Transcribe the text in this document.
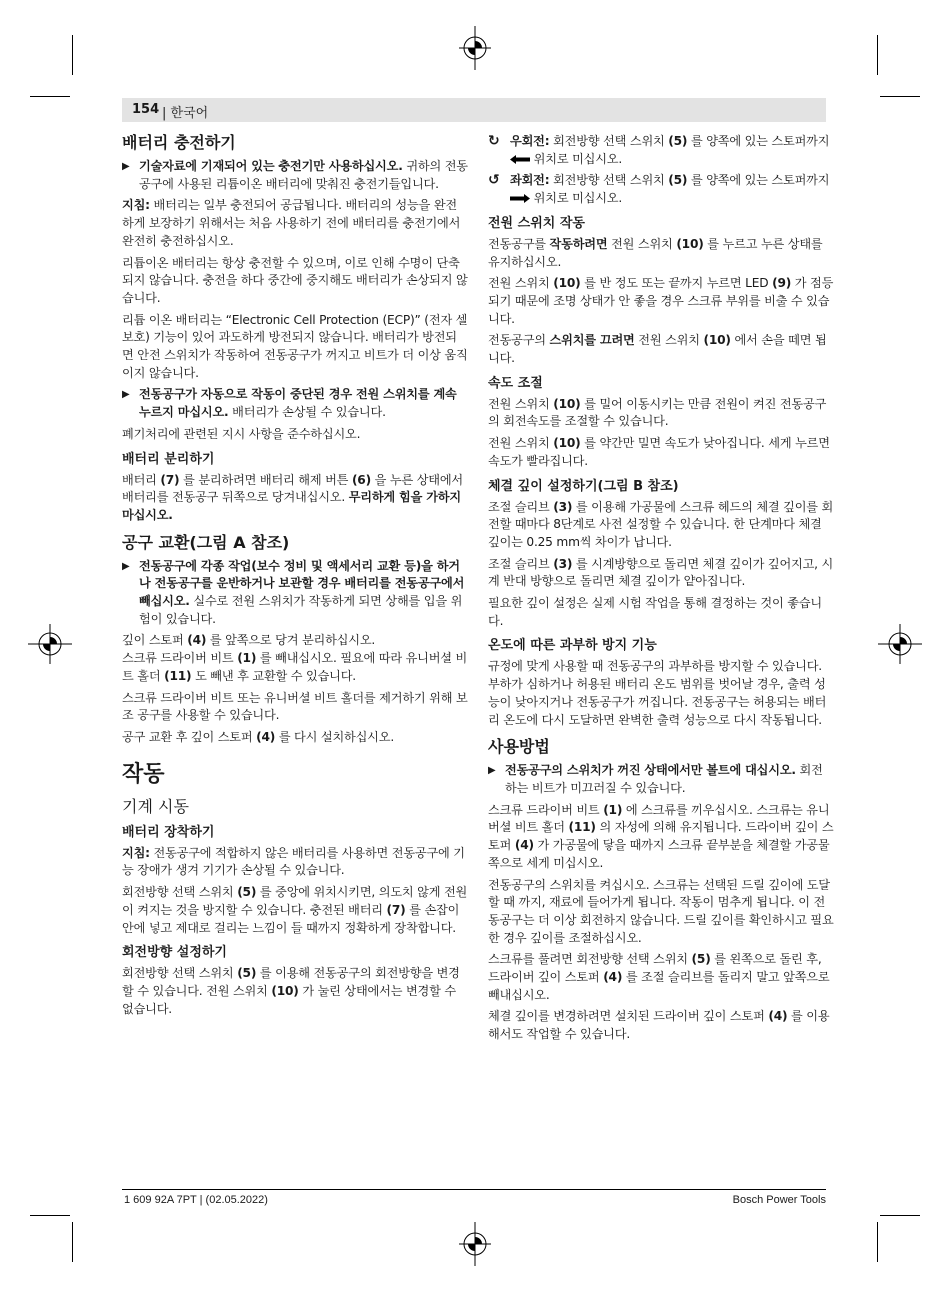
154 | 한국어
배터리 충전하기

▶ 기술자료에 기재되어 있는 충전기만 사용하십시오. 귀하의 전동공구에 사용된 리튬이온 배터리에 맞춰진 충전기들입니다.

지침: 배터리는 일부 충전되어 공급됩니다. 배터리의 성능을 완전하게 보장하기 위해서는 처음 사용하기 전에 배터리를 충전기에서 완전히 충전하십시오.

리튬이온 배터리는 항상 충전할 수 있으며, 이로 인해 수명이 단축되지 않습니다. 충전을 하다 중간에 중지해도 배터리가 손상되지 않습니다.

리튬 이온 배터리는 “Electronic Cell Protection (ECP)” (전자 셀 보호) 기능이 있어 과도하게 방전되지 않습니다. 배터리가 방전되면 안전 스위치가 작동하여 전동공구가 꺼지고 비트가 더 이상 움직이지 않습니다.

▶ 전동공구가 자동으로 작동이 중단된 경우 전원 스위치를 계속 누르지 마십시오. 배터리가 손상될 수 있습니다.

폐기처리에 관련된 지시 사항을 준수하십시오.

배터리 분리하기

배터리 (7) 를 분리하려면 배터리 해제 버튼 (6) 을 누른 상태에서 배터리를 전동공구 뒤쪽으로 당겨내십시오. 무리하게 힘을 가하지 마십시오.

공구 교환(그림 A 참조)

▶ 전동공구에 각종 작업(보수 정비 및 액세서리 교환 등)을 하거나 전동공구를 운반하거나 보관할 경우 배터리를 전동공구에서 빼십시오. 실수로 전원 스위치가 작동하게 되면 상해를 입을 위험이 있습니다.

깊이 스토퍼 (4) 를 앞쪽으로 당겨 분리하십시오.
스크류 드라이버 비트 (1) 를 빼내십시오. 필요에 따라 유니버셜 비트 홀더 (11) 도 빼낸 후 교환할 수 있습니다.

스크류 드라이버 비트 또는 유니버셜 비트 홀더를 제거하기 위해 보조 공구를 사용할 수 있습니다.

공구 교환 후 깊이 스토퍼 (4) 를 다시 설치하십시오.

작동
기계 시동
배터리 장착하기

지침: 전동공구에 적합하지 않은 배터리를 사용하면 전동공구에 기능 장애가 생겨 기기가 손상될 수 있습니다.

회전방향 선택 스위치 (5) 를 중앙에 위치시키면, 의도치 않게 전원이 켜지는 것을 방지할 수 있습니다. 충전된 배터리 (7) 를 손잡이 안에 넣고 제대로 걸리는 느낌이 들 때까지 정확하게 장착합니다.

회전방향 설정하기

회전방향 선택 스위치 (5) 를 이용해 전동공구의 회전방향을 변경할 수 있습니다. 전원 스위치 (10) 가 눌린 상태에서는 변경할 수 없습니다.

↻ 우회전: 회전방향 선택 스위치 (5) 를 양쪽에 있는 스토퍼까지  위치로 미십시오.

↺ 좌회전: 회전방향 선택 스위치 (5) 를 양쪽에 있는 스토퍼까지  위치로 미십시오.

전원 스위치 작동

전동공구를 작동하려면 전원 스위치 (10) 를 누르고 누른 상태를 유지하십시오.

전원 스위치 (10) 를 반 정도 또는 끝까지 누르면 LED (9) 가 점등되기 때문에 조명 상태가 안 좋을 경우 스크류 부위를 비출 수 있습니다.

전동공구의 스위치를 끄려면 전원 스위치 (10) 에서 손을 떼면 됩니다.

속도 조절

전원 스위치 (10) 를 밀어 이동시키는 만큼 전원이 켜진 전동공구의 회전속도를 조절할 수 있습니다.

전원 스위치 (10) 를 약간만 밀면 속도가 낮아집니다. 세게 누르면 속도가 빨라집니다.

체결 깊이 설정하기(그림 B 참조)

조절 슬리브 (3) 를 이용해 가공물에 스크류 헤드의 체결 깊이를 회전할 때마다 8단계로 사전 설정할 수 있습니다. 한 단계마다 체결 깊이는 0.25 mm씩 차이가 납니다.

조절 슬리브 (3) 를 시계방향으로 돌리면 체결 깊이가 깊어지고, 시계 반대 방향으로 돌리면 체결 깊이가 얕아집니다.

필요한 깊이 설정은 실제 시험 작업을 통해 결정하는 것이 좋습니다.

온도에 따른 과부하 방지 기능

규정에 맞게 사용할 때 전동공구의 과부하를 방지할 수 있습니다. 부하가 심하거나 허용된 배터리 온도 범위를 벗어날 경우, 출력 성능이 낮아지거나 전동공구가 꺼집니다. 전동공구는 허용되는 배터리 온도에 다시 도달하면 완벽한 출력 성능으로 다시 작동됩니다.

사용방법

▶ 전동공구의 스위치가 꺼진 상태에서만 볼트에 대십시오. 회전하는 비트가 미끄러질 수 있습니다.

스크류 드라이버 비트 (1) 에 스크류를 끼우십시오. 스크류는 유니버셜 비트 홀더 (11) 의 자성에 의해 유지됩니다. 드라이버 깊이 스토퍼 (4) 가 가공물에 닿을 때까지 스크류 끝부분을 체결할 가공물쪽으로 세게 미십시오.

전동공구의 스위치를 켜십시오. 스크류는 선택된 드릴 깊이에 도달할 때 까지, 재료에 들어가게 됩니다. 작동이 멈추게 됩니다. 이 전동공구는 더 이상 회전하지 않습니다. 드릴 깊이를 확인하시고 필요한 경우 깊이를 조절하십시오.

스크류를 풀려면 회전방향 선택 스위치 (5) 를 왼쪽으로 돌린 후, 드라이버 깊이 스토퍼 (4) 를 조절 슬리브를 돌리지 말고 앞쪽으로 빼내십시오.

체결 깊이를 변경하려면 설치된 드라이버 깊이 스토퍼 (4) 를 이용해서도 작업할 수 있습니다.

1 609 92A 7PT | (02.05.2022)	Bosch Power Tools
